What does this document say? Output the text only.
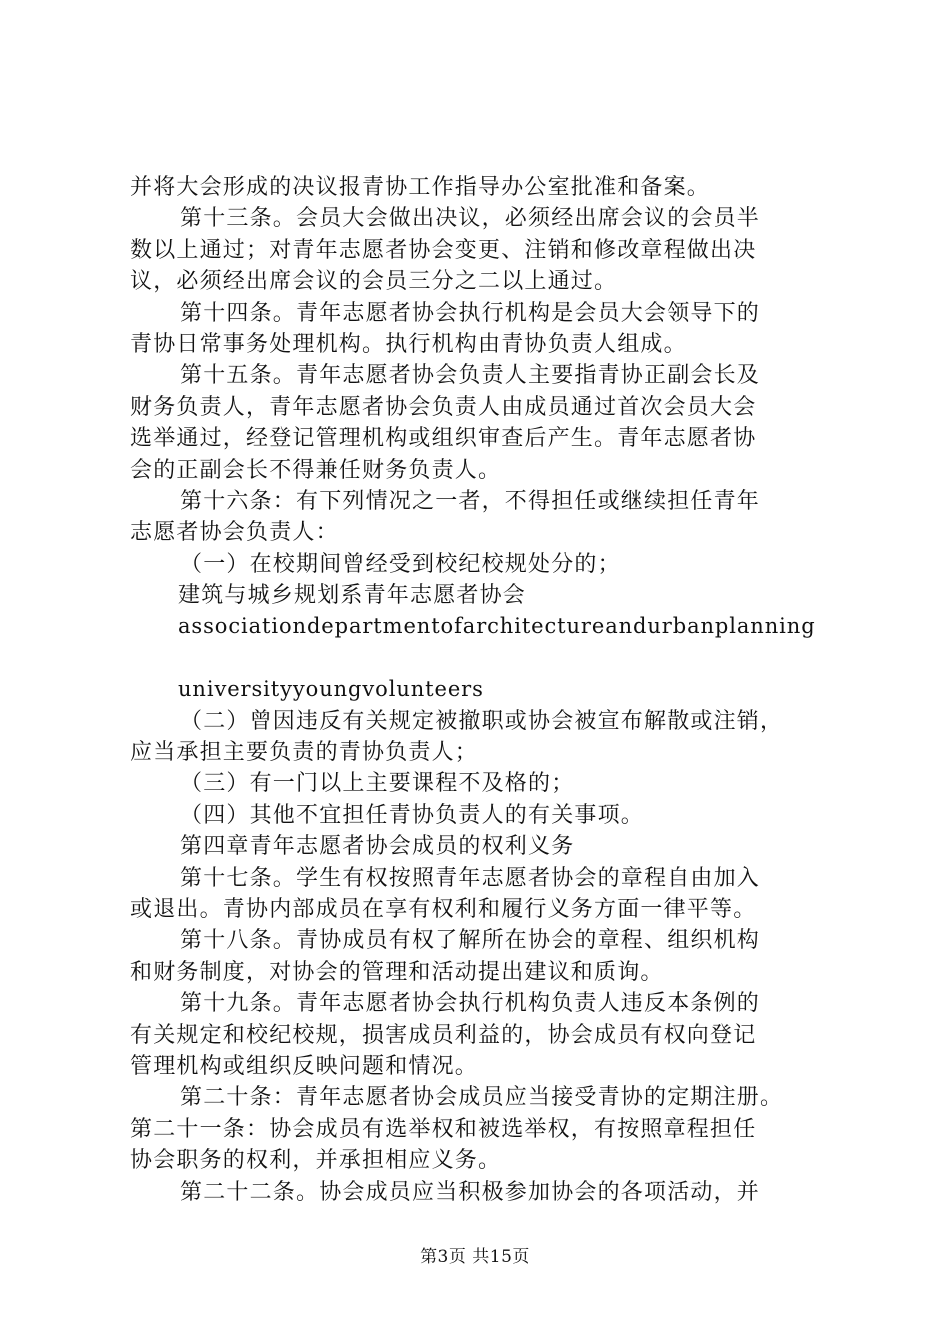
并将大会形成的决议报青协工作指导办公室批准和备案。
第十三条。会员大会做出决议，必须经出席会议的会员半
数以上通过；对青年志愿者协会变更、注销和修改章程做出决
议，必须经出席会议的会员三分之二以上通过。
第十四条。青年志愿者协会执行机构是会员大会领导下的
青协日常事务处理机构。执行机构由青协负责人组成。
第十五条。青年志愿者协会负责人主要指青协正副会长及
财务负责人，青年志愿者协会负责人由成员通过首次会员大会
选举通过，经登记管理机构或组织审查后产生。青年志愿者协
会的正副会长不得兼任财务负责人。
第十六条：有下列情况之一者，不得担任或继续担任青年
志愿者协会负责人：
（一）在校期间曾经受到校纪校规处分的；
建筑与城乡规划系青年志愿者协会
associationdepartmentofarchitectureandurbanplanning
universityyoungvolunteers
（二）曾因违反有关规定被撤职或协会被宣布解散或注销，
应当承担主要负责的青协负责人；
（三）有一门以上主要课程不及格的；
（四）其他不宜担任青协负责人的有关事项。
第四章青年志愿者协会成员的权利义务
第十七条。学生有权按照青年志愿者协会的章程自由加入
或退出。青协内部成员在享有权利和履行义务方面一律平等。
第十八条。青协成员有权了解所在协会的章程、组织机构
和财务制度，对协会的管理和活动提出建议和质询。
第十九条。青年志愿者协会执行机构负责人违反本条例的
有关规定和校纪校规，损害成员利益的，协会成员有权向登记
管理机构或组织反映问题和情况。
第二十条：青年志愿者协会成员应当接受青协的定期注册。
第二十一条：协会成员有选举权和被选举权，有按照章程担任
协会职务的权利，并承担相应义务。
第二十二条。协会成员应当积极参加协会的各项活动，并
第3页 共15页
